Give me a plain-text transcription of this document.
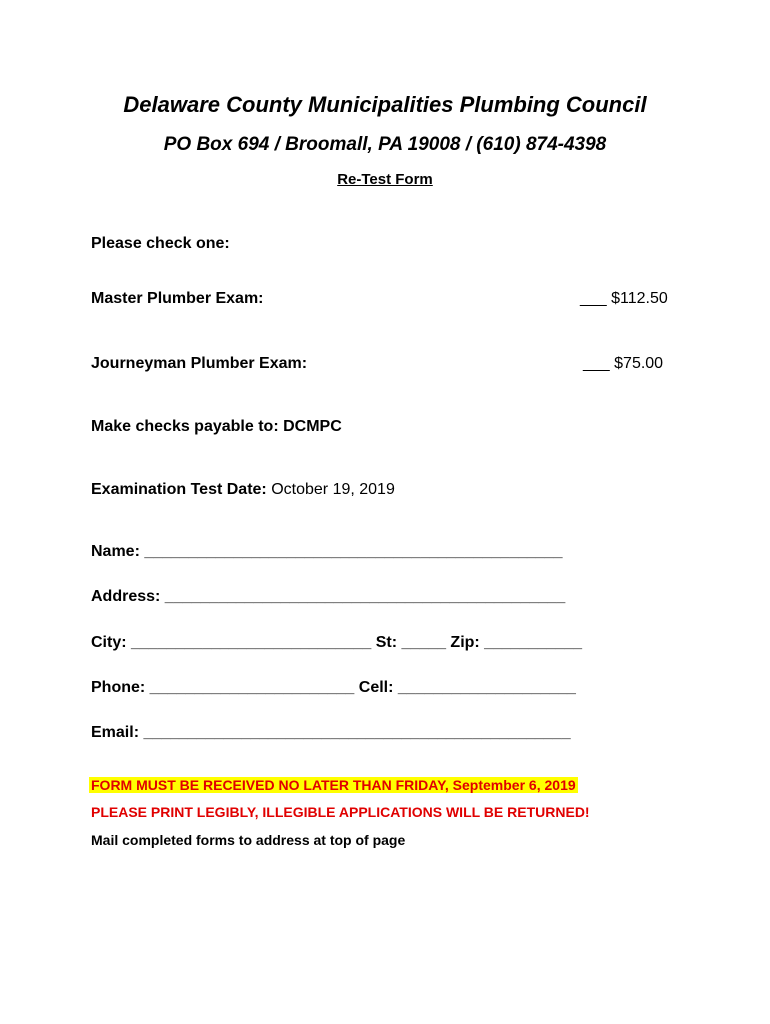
Delaware County Municipalities Plumbing Council
PO Box 694 / Broomall, PA 19008 / (610) 874-4398
Re-Test Form
Please check one:
Master Plumber Exam:	___ $112.50
Journeyman Plumber Exam:	___ $75.00
Make checks payable to: DCMPC
Examination Test Date: October 19, 2019
Name: _______________________________________________
Address: _____________________________________________
City: ___________________________ St: _____ Zip: ___________
Phone: _______________________ Cell: ____________________
Email: ________________________________________________
FORM MUST BE RECEIVED NO LATER THAN FRIDAY, September 6, 2019
PLEASE PRINT LEGIBLY, ILLEGIBLE APPLICATIONS WILL BE RETURNED!
Mail completed forms to address at top of page
